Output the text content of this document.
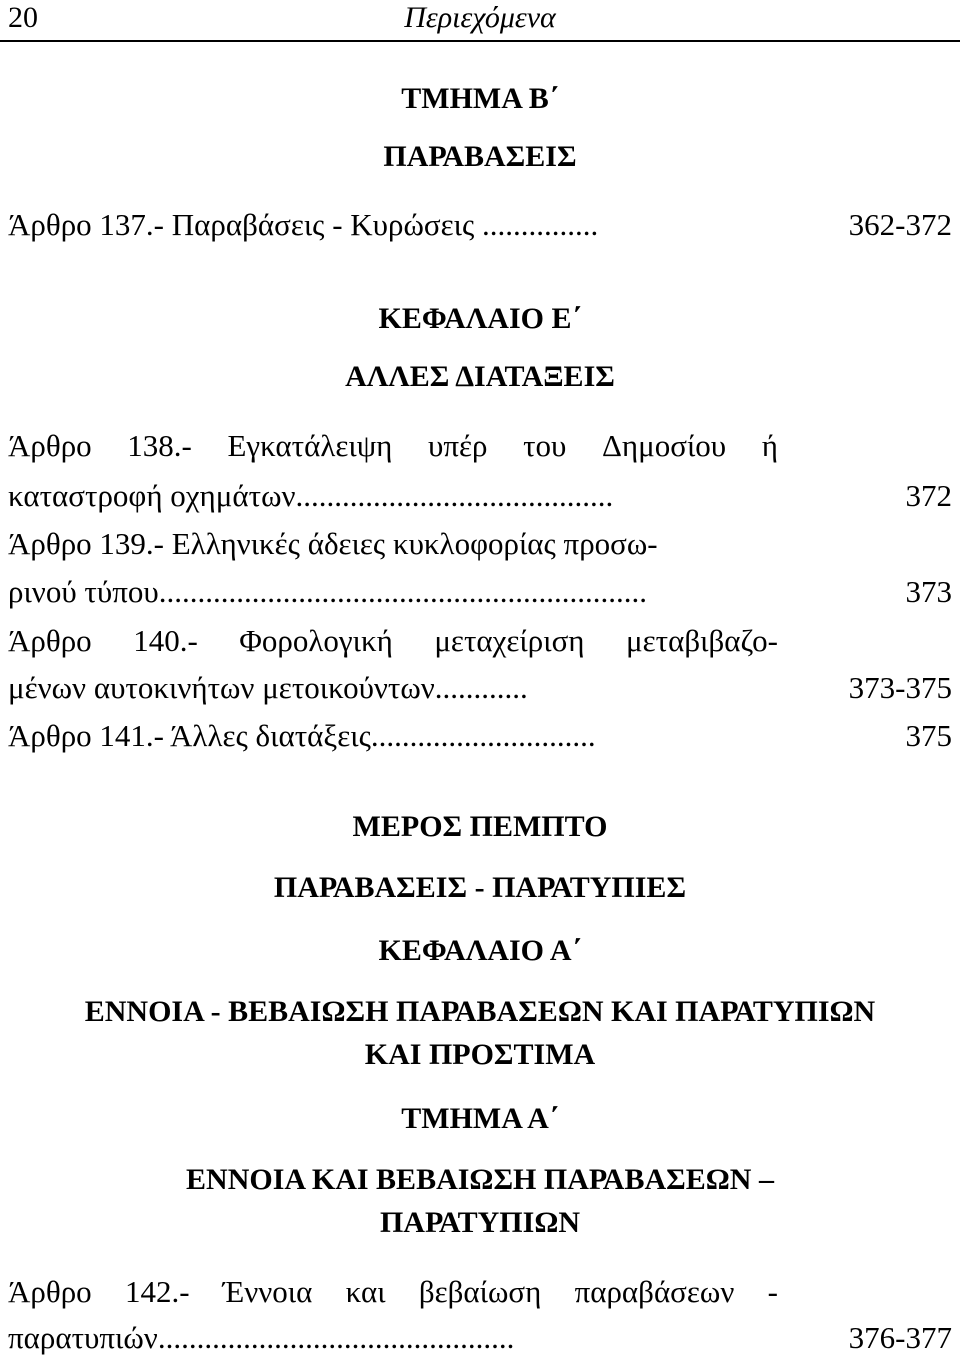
20	Περιεχόμενα
ΤΜΗΜΑ Β΄
ΠΑΡΑΒΑΣΕΙΣ
Άρθρο 137.- Παραβάσεις - Κυρώσεις ...............	362-372
ΚΕΦΑΛΑΙΟ Ε΄
ΑΛΛΕΣ ΔΙΑΤΑΞΕΙΣ
Άρθρο 138.- Εγκατάλειψη υπέρ του Δημοσίου ή
καταστροφή οχημάτων.........................................	372
Άρθρο 139.- Ελληνικές άδειες κυκλοφορίας προσω-
ρινού τύπου...............................................................	373
Άρθρο 140.- Φορολογική μεταχείριση μεταβιβαζο-
μένων αυτοκινήτων μετοικούντων............	373-375
Άρθρο 141.- Άλλες διατάξεις.............................	375
ΜΕΡΟΣ ΠΕΜΠΤΟ
ΠΑΡΑΒΑΣΕΙΣ - ΠΑΡΑΤΥΠΙΕΣ
ΚΕΦΑΛΑΙΟ Α΄
ΕΝΝΟΙΑ - ΒΕΒΑΙΩΣΗ ΠΑΡΑΒΑΣΕΩΝ ΚΑΙ ΠΑΡΑΤΥΠΙΩΝ
ΚΑΙ ΠΡΟΣΤΙΜΑ
ΤΜΗΜΑ Α΄
ΕΝΝΟΙΑ ΚΑΙ ΒΕΒΑΙΩΣΗ ΠΑΡΑΒΑΣΕΩΝ –
ΠΑΡΑΤΥΠΙΩΝ
Άρθρο 142.- Έννοια και βεβαίωση παραβάσεων -
παρατυπιών..............................................	376-377
